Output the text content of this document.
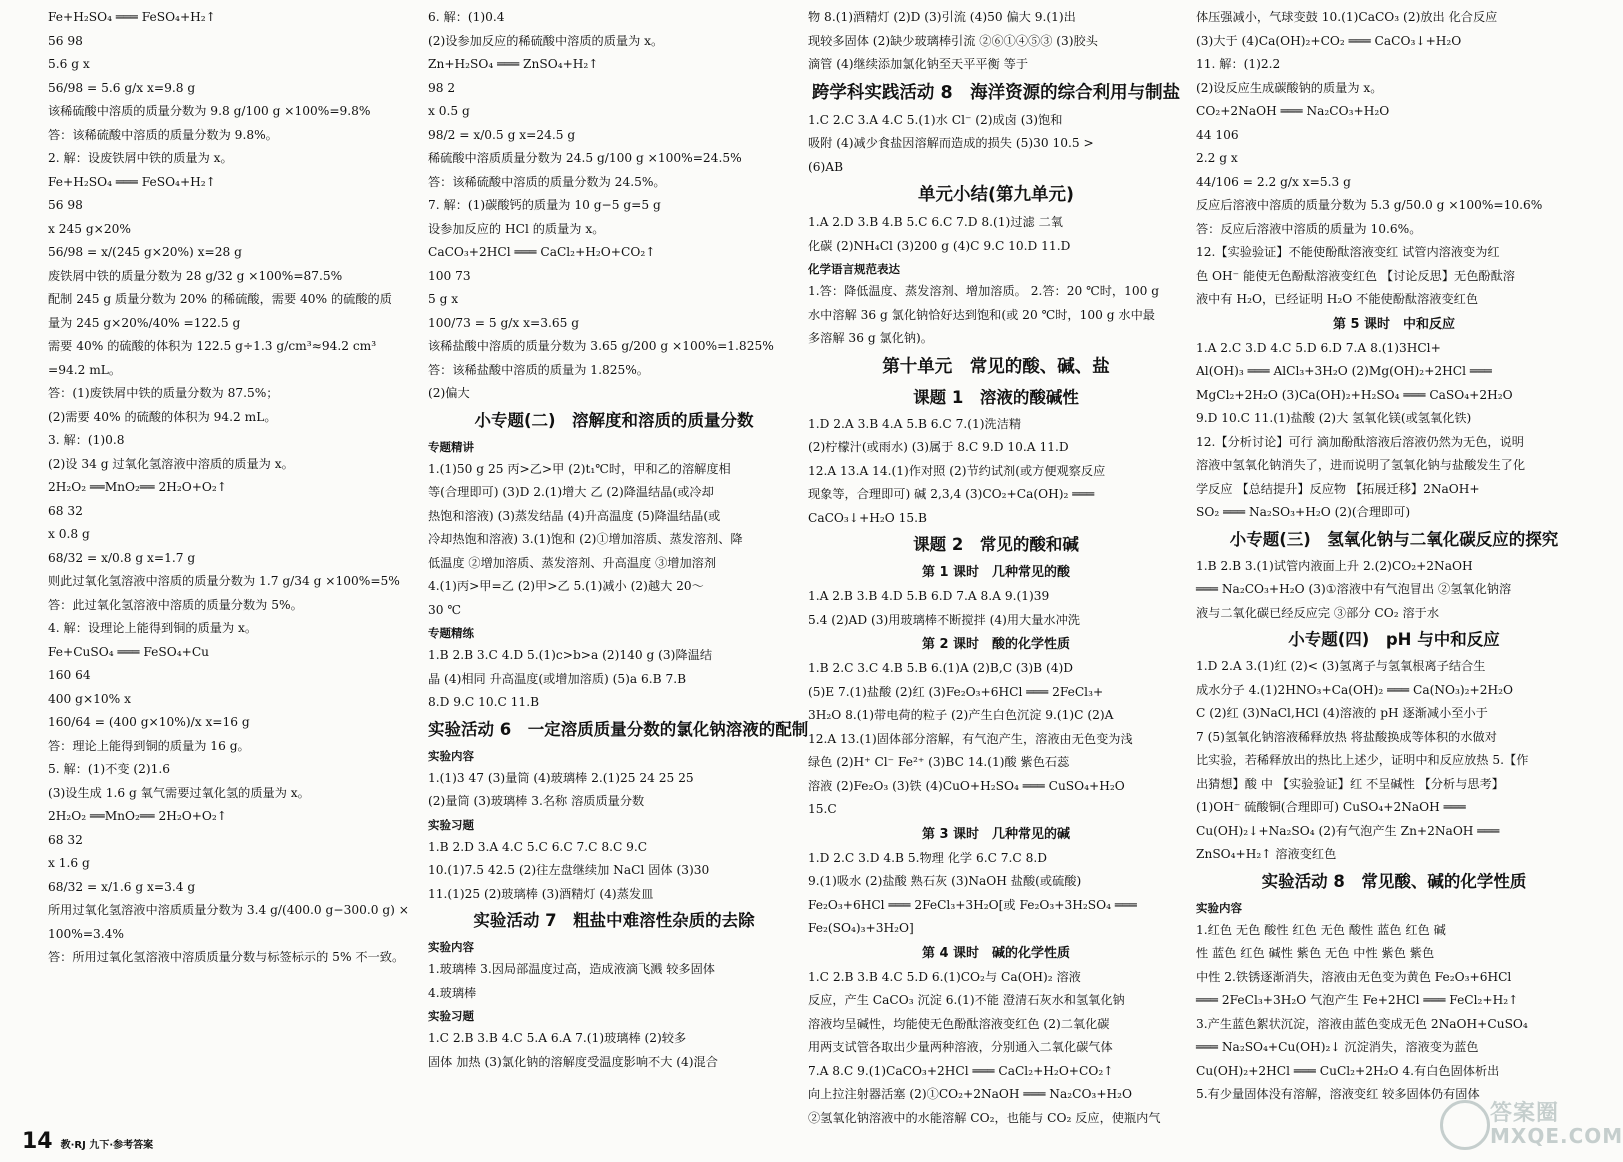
Fe+H₂SO₄ ═══ FeSO₄+H₂↑
56 98
5.6 g x
56/98 = 5.6 g/x x=9.8 g
该稀硫酸中溶质的质量分数为 9.8 g/100 g ×100%=9.8%
答：该稀硫酸中溶质的质量分数为 9.8%。
2. 解：设废铁屑中铁的质量为 x。
Fe+H₂SO₄ ═══ FeSO₄+H₂↑
56 98
x 245 g×20%
56/98 = x/(245 g×20%) x=28 g
废铁屑中铁的质量分数为 28 g/32 g ×100%=87.5%
配制 245 g 质量分数为 20% 的稀硫酸，需要 40% 的硫酸的质
量为 245 g×20%/40% =122.5 g
需要 40% 的硫酸的体积为 122.5 g÷1.3 g/cm³≈94.2 cm³
=94.2 mL。
答：(1)废铁屑中铁的质量分数为 87.5%；
(2)需要 40% 的硫酸的体积为 94.2 mL。
3. 解：(1)0.8
(2)设 34 g 过氧化氢溶液中溶质的质量为 x。
2H₂O₂ ══MnO₂══ 2H₂O+O₂↑
68 32
x 0.8 g
68/32 = x/0.8 g x=1.7 g
则此过氧化氢溶液中溶质的质量分数为 1.7 g/34 g ×100%=5%
答：此过氧化氢溶液中溶质的质量分数为 5%。
4. 解：设理论上能得到铜的质量为 x。
Fe+CuSO₄ ═══ FeSO₄+Cu
160 64
400 g×10% x
160/64 = (400 g×10%)/x x=16 g
答：理论上能得到铜的质量为 16 g。
5. 解：(1)不变 (2)1.6
(3)设生成 1.6 g 氧气需要过氧化氢的质量为 x。
2H₂O₂ ══MnO₂══ 2H₂O+O₂↑
68 32
x 1.6 g
68/32 = x/1.6 g x=3.4 g
所用过氧化氢溶液中溶质质量分数为 3.4 g/(400.0 g−300.0 g) ×
100%=3.4%
答：所用过氧化氢溶液中溶质质量分数与标签标示的 5% 不一致。
6. 解：(1)0.4
(2)设参加反应的稀硫酸中溶质的质量为 x。
Zn+H₂SO₄ ═══ ZnSO₄+H₂↑
98 2
x 0.5 g
98/2 = x/0.5 g x=24.5 g
稀硫酸中溶质质量分数为 24.5 g/100 g ×100%=24.5%
答：该稀硫酸中溶质的质量分数为 24.5%。
7. 解：(1)碳酸钙的质量为 10 g−5 g=5 g
设参加反应的 HCl 的质量为 x。
CaCO₃+2HCl ═══ CaCl₂+H₂O+CO₂↑
100 73
5 g x
100/73 = 5 g/x x=3.65 g
该稀盐酸中溶质的质量分数为 3.65 g/200 g ×100%=1.825%
答：该稀盐酸中溶质的质量为 1.825%。
(2)偏大
小专题(二)　溶解度和溶质的质量分数
专题精讲
1.(1)50 g 25 丙>乙>甲 (2)t₁℃时，甲和乙的溶解度相
等(合理即可) (3)D 2.(1)增大 乙 (2)降温结晶(或冷却
热饱和溶液) (3)蒸发结晶 (4)升高温度 (5)降温结晶(或
冷却热饱和溶液) 3.(1)饱和 (2)①增加溶质、蒸发溶剂、降
低温度 ②增加溶质、蒸发溶剂、升高温度 ③增加溶剂
4.(1)丙>甲=乙 (2)甲>乙 5.(1)减小 (2)越大 20～
30 ℃
专题精练
1.B 2.B 3.C 4.D 5.(1)c>b>a (2)140 g (3)降温结
晶 (4)相同 升高温度(或增加溶质) (5)a 6.B 7.B
8.D 9.C 10.C 11.B
实验活动 6　一定溶质质量分数的氯化钠溶液的配制
实验内容
1.(1)3 47 (3)量筒 (4)玻璃棒 2.(1)25 24 25 25
(2)量筒 (3)玻璃棒 3.名称 溶质质量分数
实验习题
1.B 2.D 3.A 4.C 5.C 6.C 7.C 8.C 9.C
10.(1)7.5 42.5 (2)往左盘继续加 NaCl 固体 (3)30
11.(1)25 (2)玻璃棒 (3)酒精灯 (4)蒸发皿
实验活动 7　粗盐中难溶性杂质的去除
实验内容
1.玻璃棒 3.因局部温度过高，造成液滴飞溅 较多固体
4.玻璃棒
实验习题
1.C 2.B 3.B 4.C 5.A 6.A 7.(1)玻璃棒 (2)较多
固体 加热 (3)氯化钠的溶解度受温度影响不大 (4)混合
物 8.(1)酒精灯 (2)D (3)引流 (4)50 偏大 9.(1)出
现较多固体 (2)缺少玻璃棒引流 ②⑥①④⑤③ (3)胶头
滴管 (4)继续添加氯化钠至天平平衡 等于
跨学科实践活动 8　海洋资源的综合利用与制盐
1.C 2.C 3.A 4.C 5.(1)水 Cl⁻ (2)成卤 (3)饱和
吸附 (4)减少食盐因溶解而造成的损失 (5)30 10.5 >
(6)AB
单元小结(第九单元)
1.A 2.D 3.B 4.B 5.C 6.C 7.D 8.(1)过滤 二氧
化碳 (2)NH₄Cl (3)200 g (4)C 9.C 10.D 11.D
化学语言规范表达
1.答：降低温度、蒸发溶剂、增加溶质。 2.答：20 ℃时，100 g
水中溶解 36 g 氯化钠恰好达到饱和(或 20 ℃时，100 g 水中最
多溶解 36 g 氯化钠)。
第十单元　常见的酸、碱、盐
课题 1　溶液的酸碱性
1.D 2.A 3.B 4.A 5.B 6.C 7.(1)洗洁精
(2)柠檬汁(或雨水) (3)属于 8.C 9.D 10.A 11.D
12.A 13.A 14.(1)作对照 (2)节约试剂(或方便观察反应
现象等，合理即可) 碱 2,3,4 (3)CO₂+Ca(OH)₂ ═══
CaCO₃↓+H₂O 15.B
课题 2　常见的酸和碱
第 1 课时　几种常见的酸
1.A 2.B 3.B 4.D 5.B 6.D 7.A 8.A 9.(1)39
5.4 (2)AD (3)用玻璃棒不断搅拌 (4)用大量水冲洗
第 2 课时　酸的化学性质
1.B 2.C 3.C 4.B 5.B 6.(1)A (2)B,C (3)B (4)D
(5)E 7.(1)盐酸 (2)红 (3)Fe₂O₃+6HCl ═══ 2FeCl₃+
3H₂O 8.(1)带电荷的粒子 (2)产生白色沉淀 9.(1)C (2)A
12.A 13.(1)固体部分溶解，有气泡产生，溶液由无色变为浅
绿色 (2)H⁺ Cl⁻ Fe²⁺ (3)BC 14.(1)酸 紫色石蕊
溶液 (2)Fe₂O₃ (3)铁 (4)CuO+H₂SO₄ ═══ CuSO₄+H₂O
15.C
第 3 课时　几种常见的碱
1.D 2.C 3.D 4.B 5.物理 化学 6.C 7.C 8.D
9.(1)吸水 (2)盐酸 熟石灰 (3)NaOH 盐酸(或硫酸)
Fe₂O₃+6HCl ═══ 2FeCl₃+3H₂O[或 Fe₂O₃+3H₂SO₄ ═══
Fe₂(SO₄)₃+3H₂O]
第 4 课时　碱的化学性质
1.C 2.B 3.B 4.C 5.D 6.(1)CO₂与 Ca(OH)₂ 溶液
反应，产生 CaCO₃ 沉淀 6.(1)不能 澄清石灰水和氢氧化钠
溶液均呈碱性，均能使无色酚酞溶液变红色 (2)二氧化碳
用两支试管各取出少量两种溶液，分别通入二氧化碳气体
7.A 8.C 9.(1)CaCO₃+2HCl ═══ CaCl₂+H₂O+CO₂↑
向上拉注射器活塞 (2)①CO₂+2NaOH ═══ Na₂CO₃+H₂O
②氢氧化钠溶液中的水能溶解 CO₂，也能与 CO₂ 反应，使瓶内气
体压强减小，气球变鼓 10.(1)CaCO₃ (2)放出 化合反应
(3)大于 (4)Ca(OH)₂+CO₂ ═══ CaCO₃↓+H₂O
11. 解：(1)2.2
(2)设反应生成碳酸钠的质量为 x。
CO₂+2NaOH ═══ Na₂CO₃+H₂O
44 106
2.2 g x
44/106 = 2.2 g/x x=5.3 g
反应后溶液中溶质的质量分数为 5.3 g/50.0 g ×100%=10.6%
答：反应后溶液中溶质的质量为 10.6%。
12.【实验验证】不能使酚酞溶液变红 试管内溶液变为红
色 OH⁻ 能使无色酚酞溶液变红色 【讨论反思】无色酚酞溶
液中有 H₂O，已经证明 H₂O 不能使酚酞溶液变红色
第 5 课时　中和反应
1.A 2.C 3.D 4.C 5.D 6.D 7.A 8.(1)3HCl+
Al(OH)₃ ═══ AlCl₃+3H₂O (2)Mg(OH)₂+2HCl ═══
MgCl₂+2H₂O (3)Ca(OH)₂+H₂SO₄ ═══ CaSO₄+2H₂O
9.D 10.C 11.(1)盐酸 (2)大 氢氧化镁(或氢氧化铁)
12.【分析讨论】可行 滴加酚酞溶液后溶液仍然为无色，说明
溶液中氢氧化钠消失了，进而说明了氢氧化钠与盐酸发生了化
学反应 【总结提升】反应物 【拓展迁移】2NaOH+
SO₂ ═══ Na₂SO₃+H₂O (2)(合理即可)
小专题(三)　氢氧化钠与二氧化碳反应的探究
1.B 2.B 3.(1)试管内液面上升 2.(2)CO₂+2NaOH
═══ Na₂CO₃+H₂O (3)①溶液中有气泡冒出 ②氢氧化钠溶
液与二氧化碳已经反应完 ③部分 CO₂ 溶于水
小专题(四)　pH 与中和反应
1.D 2.A 3.(1)红 (2)< (3)氢离子与氢氧根离子结合生
成水分子 4.(1)2HNO₃+Ca(OH)₂ ═══ Ca(NO₃)₂+2H₂O
C (2)红 (3)NaCl,HCl (4)溶液的 pH 逐渐减小至小于
7 (5)氢氧化钠溶液稀释放热 将盐酸换成等体积的水做对
比实验，若稀释放出的热比上述少，证明中和反应放热 5.【作
出猜想】酸 中 【实验验证】红 不呈碱性 【分析与思考】
(1)OH⁻ 硫酸铜(合理即可) CuSO₄+2NaOH ═══
Cu(OH)₂↓+Na₂SO₄ (2)有气泡产生 Zn+2NaOH ═══
ZnSO₄+H₂↑ 溶液变红色
实验活动 8　常见酸、碱的化学性质
实验内容
1.红色 无色 酸性 红色 无色 酸性 蓝色 红色 碱
性 蓝色 红色 碱性 紫色 无色 中性 紫色 紫色
中性 2.铁锈逐渐消失，溶液由无色变为黄色 Fe₂O₃+6HCl
═══ 2FeCl₃+3H₂O 气泡产生 Fe+2HCl ═══ FeCl₂+H₂↑
3.产生蓝色絮状沉淀，溶液由蓝色变成无色 2NaOH+CuSO₄
═══ Na₂SO₄+Cu(OH)₂↓ 沉淀消失，溶液变为蓝色
Cu(OH)₂+2HCl ═══ CuCl₂+2H₂O 4.有白色固体析出
5.有少量固体没有溶解，溶液变红 较多固体仍有固体
14 教·RJ 九下·参考答案
答案圈
MXQE.COM
